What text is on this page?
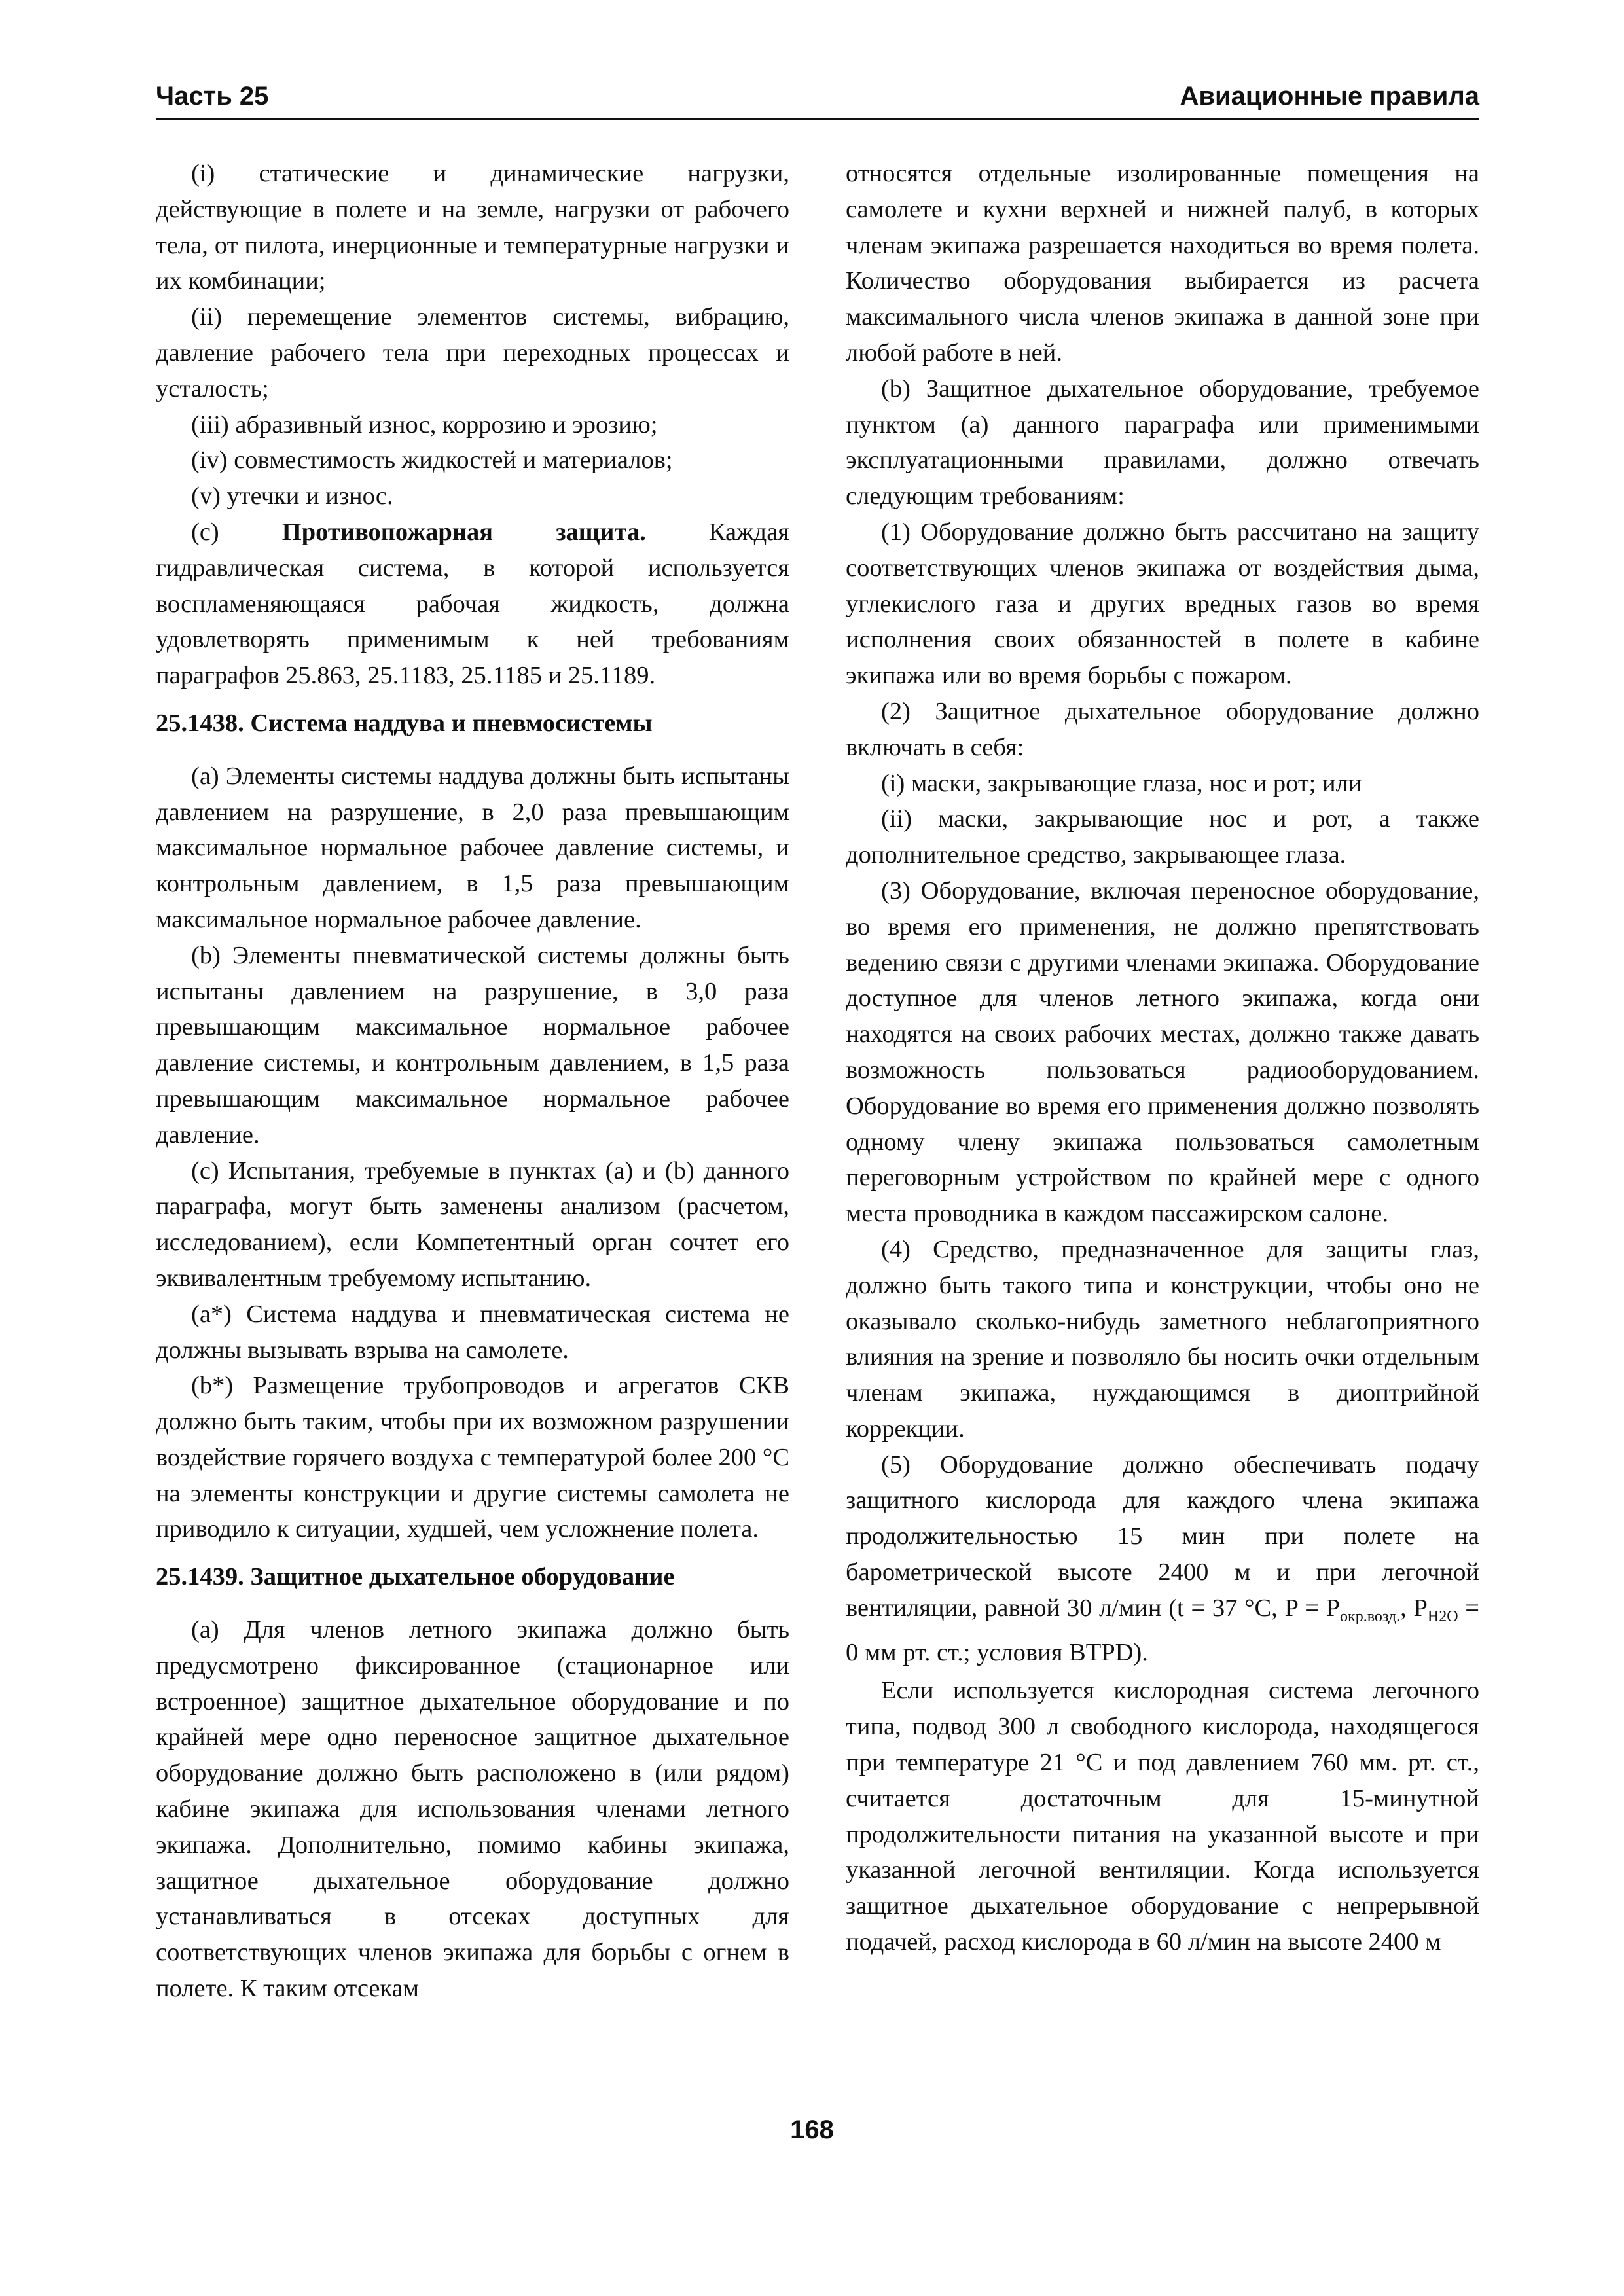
Часть 25	Авиационные правила

(i) статические и динамические нагрузки, действующие в полете и на земле, нагрузки от рабочего тела, от пилота, инерционные и температурные нагрузки и их комбинации;

(ii) перемещение элементов системы, вибрацию, давление рабочего тела при переходных процессах и усталость;

(iii) абразивный износ, коррозию и эрозию;

(iv) совместимость жидкостей и материалов;

(v) утечки и износ.

(c) Противопожарная защита. Каждая гидравлическая система, в которой используется воспламеняющаяся рабочая жидкость, должна удовлетворять применимым к ней требованиям параграфов 25.863, 25.1183, 25.1185 и 25.1189.

25.1438. Система наддува и пневмосистемы

(a) Элементы системы наддува должны быть испытаны давлением на разрушение, в 2,0 раза превышающим максимальное нормальное рабочее давление системы, и контрольным давлением, в 1,5 раза превышающим максимальное нормальное рабочее давление.

(b) Элементы пневматической системы должны быть испытаны давлением на разрушение, в 3,0 раза превышающим максимальное нормальное рабочее давление системы, и контрольным давлением, в 1,5 раза превышающим максимальное нормальное рабочее давление.

(c) Испытания, требуемые в пунктах (a) и (b) данного параграфа, могут быть заменены анализом (расчетом, исследованием), если Компетентный орган сочтет его эквивалентным требуемому испытанию.

(a*) Система наддува и пневматическая система не должны вызывать взрыва на самолете.

(b*) Размещение трубопроводов и агрегатов СКВ должно быть таким, чтобы при их возможном разрушении воздействие горячего воздуха с температурой более 200 °C на элементы конструкции и другие системы самолета не приводило к ситуации, худшей, чем усложнение полета.

25.1439. Защитное дыхательное оборудование

(a) Для членов летного экипажа должно быть предусмотрено фиксированное (стационарное или встроенное) защитное дыхательное оборудование и по крайней мере одно переносное защитное дыхательное оборудование должно быть расположено в (или рядом) кабине экипажа для использования членами летного экипажа. Дополнительно, помимо кабины экипажа, защитное дыхательное оборудование должно устанавливаться в отсеках доступных для соответствующих членов экипажа для борьбы с огнем в полете. К таким отсекам

относятся отдельные изолированные помещения на самолете и кухни верхней и нижней палуб, в которых членам экипажа разрешается находиться во время полета. Количество оборудования выбирается из расчета максимального числа членов экипажа в данной зоне при любой работе в ней.

(b) Защитное дыхательное оборудование, требуемое пунктом (a) данного параграфа или применимыми эксплуатационными правилами, должно отвечать следующим требованиям:

(1) Оборудование должно быть рассчитано на защиту соответствующих членов экипажа от воздействия дыма, углекислого газа и других вредных газов во время исполнения своих обязанностей в полете в кабине экипажа или во время борьбы с пожаром.

(2) Защитное дыхательное оборудование должно включать в себя:

(i) маски, закрывающие глаза, нос и рот; или

(ii) маски, закрывающие нос и рот, а также дополнительное средство, закрывающее глаза.

(3) Оборудование, включая переносное оборудование, во время его применения, не должно препятствовать ведению связи с другими членами экипажа. Оборудование доступное для членов летного экипажа, когда они находятся на своих рабочих местах, должно также давать возможность пользоваться радиооборудованием. Оборудование во время его применения должно позволять одному члену экипажа пользоваться самолетным переговорным устройством по крайней мере с одного места проводника в каждом пассажирском салоне.

(4) Средство, предназначенное для защиты глаз, должно быть такого типа и конструкции, чтобы оно не оказывало сколько-нибудь заметного неблагоприятного влияния на зрение и позволяло бы носить очки отдельным членам экипажа, нуждающимся в диоптрийной коррекции.

(5) Оборудование должно обеспечивать подачу защитного кислорода для каждого члена экипажа продолжительностью 15 мин при полете на барометрической высоте 2400 м и при легочной вентиляции, равной 30 л/мин (t = 37 °C, $P = P_{окр.возд.}$, $P_{H2O} = 0$ мм рт. ст.; условия BTPD).

Если используется кислородная система легочного типа, подвод 300 л свободного кислорода, находящегося при температуре 21 °C и под давлением 760 мм. рт. ст., считается достаточным для 15-минутной продолжительности питания на указанной высоте и при указанной легочной вентиляции. Когда используется защитное дыхательное оборудование с непрерывной подачей, расход кислорода в 60 л/мин на высоте 2400 м

168
